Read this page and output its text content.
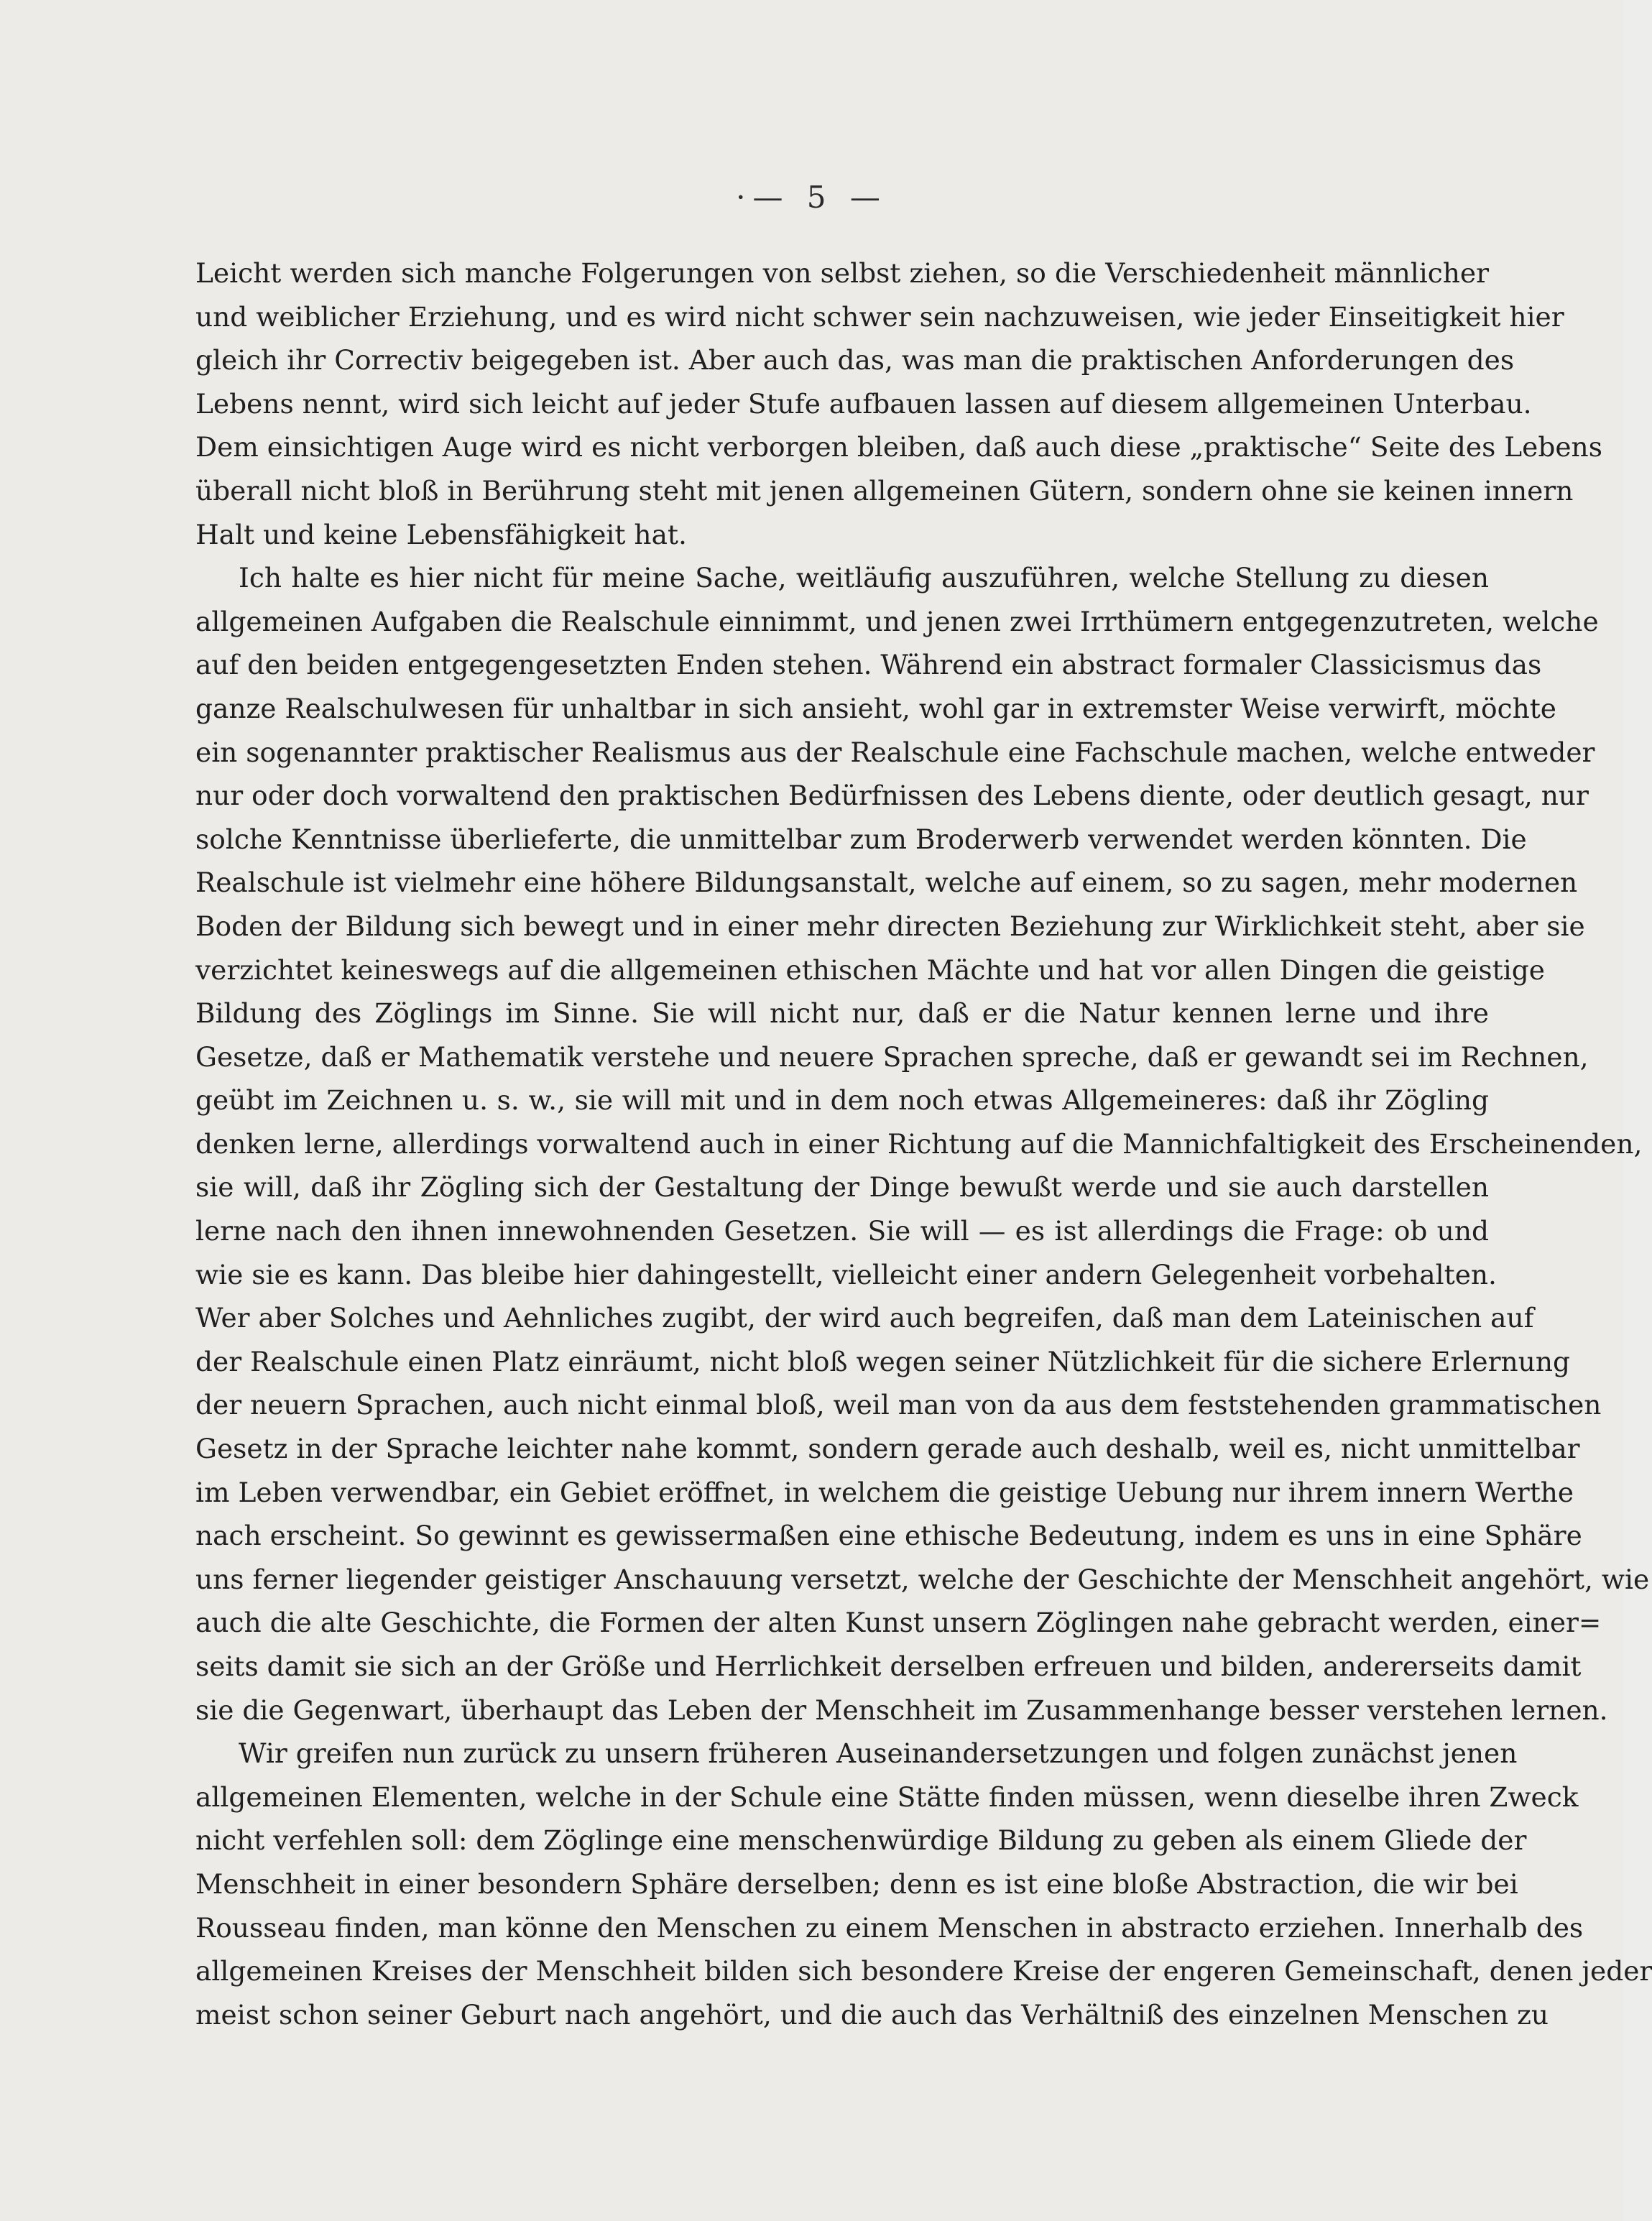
·— 5 —
Leicht werden sich manche Folgerungen von selbst ziehen, so die Verschiedenheit männlicher
und weiblicher Erziehung, und es wird nicht schwer sein nachzuweisen, wie jeder Einseitigkeit hier
gleich ihr Correctiv beigegeben ist. Aber auch das, was man die praktischen Anforderungen des
Lebens nennt, wird sich leicht auf jeder Stufe aufbauen lassen auf diesem allgemeinen Unterbau.
Dem einsichtigen Auge wird es nicht verborgen bleiben, daß auch diese „praktische“ Seite des Lebens
überall nicht bloß in Berührung steht mit jenen allgemeinen Gütern, sondern ohne sie keinen innern
Halt und keine Lebensfähigkeit hat.
Ich halte es hier nicht für meine Sache, weitläufig auszuführen, welche Stellung zu diesen
allgemeinen Aufgaben die Realschule einnimmt, und jenen zwei Irrthümern entgegenzutreten, welche
auf den beiden entgegengesetzten Enden stehen. Während ein abstract formaler Classicismus das
ganze Realschulwesen für unhaltbar in sich ansieht, wohl gar in extremster Weise verwirft, möchte
ein sogenannter praktischer Realismus aus der Realschule eine Fachschule machen, welche entweder
nur oder doch vorwaltend den praktischen Bedürfnissen des Lebens diente, oder deutlich gesagt, nur
solche Kenntnisse überlieferte, die unmittelbar zum Broderwerb verwendet werden könnten. Die
Realschule ist vielmehr eine höhere Bildungsanstalt, welche auf einem, so zu sagen, mehr modernen
Boden der Bildung sich bewegt und in einer mehr directen Beziehung zur Wirklichkeit steht, aber sie
verzichtet keineswegs auf die allgemeinen ethischen Mächte und hat vor allen Dingen die geistige
Bildung des Zöglings im Sinne. Sie will nicht nur, daß er die Natur kennen lerne und ihre
Gesetze, daß er Mathematik verstehe und neuere Sprachen spreche, daß er gewandt sei im Rechnen,
geübt im Zeichnen u. s. w., sie will mit und in dem noch etwas Allgemeineres: daß ihr Zögling
denken lerne, allerdings vorwaltend auch in einer Richtung auf die Mannichfaltigkeit des Erscheinenden,
sie will, daß ihr Zögling sich der Gestaltung der Dinge bewußt werde und sie auch darstellen
lerne nach den ihnen innewohnenden Gesetzen. Sie will — es ist allerdings die Frage: ob und
wie sie es kann. Das bleibe hier dahingestellt, vielleicht einer andern Gelegenheit vorbehalten.
Wer aber Solches und Aehnliches zugibt, der wird auch begreifen, daß man dem Lateinischen auf
der Realschule einen Platz einräumt, nicht bloß wegen seiner Nützlichkeit für die sichere Erlernung
der neuern Sprachen, auch nicht einmal bloß, weil man von da aus dem feststehenden grammatischen
Gesetz in der Sprache leichter nahe kommt, sondern gerade auch deshalb, weil es, nicht unmittelbar
im Leben verwendbar, ein Gebiet eröffnet, in welchem die geistige Uebung nur ihrem innern Werthe
nach erscheint. So gewinnt es gewissermaßen eine ethische Bedeutung, indem es uns in eine Sphäre
uns ferner liegender geistiger Anschauung versetzt, welche der Geschichte der Menschheit angehört, wie
auch die alte Geschichte, die Formen der alten Kunst unsern Zöglingen nahe gebracht werden, einer=
seits damit sie sich an der Größe und Herrlichkeit derselben erfreuen und bilden, andererseits damit
sie die Gegenwart, überhaupt das Leben der Menschheit im Zusammenhange besser verstehen lernen.
Wir greifen nun zurück zu unsern früheren Auseinandersetzungen und folgen zunächst jenen
allgemeinen Elementen, welche in der Schule eine Stätte finden müssen, wenn dieselbe ihren Zweck
nicht verfehlen soll: dem Zöglinge eine menschenwürdige Bildung zu geben als einem Gliede der
Menschheit in einer besondern Sphäre derselben; denn es ist eine bloße Abstraction, die wir bei
Rousseau finden, man könne den Menschen zu einem Menschen in abstracto erziehen. Innerhalb des
allgemeinen Kreises der Menschheit bilden sich besondere Kreise der engeren Gemeinschaft, denen jeder
meist schon seiner Geburt nach angehört, und die auch das Verhältniß des einzelnen Menschen zu
